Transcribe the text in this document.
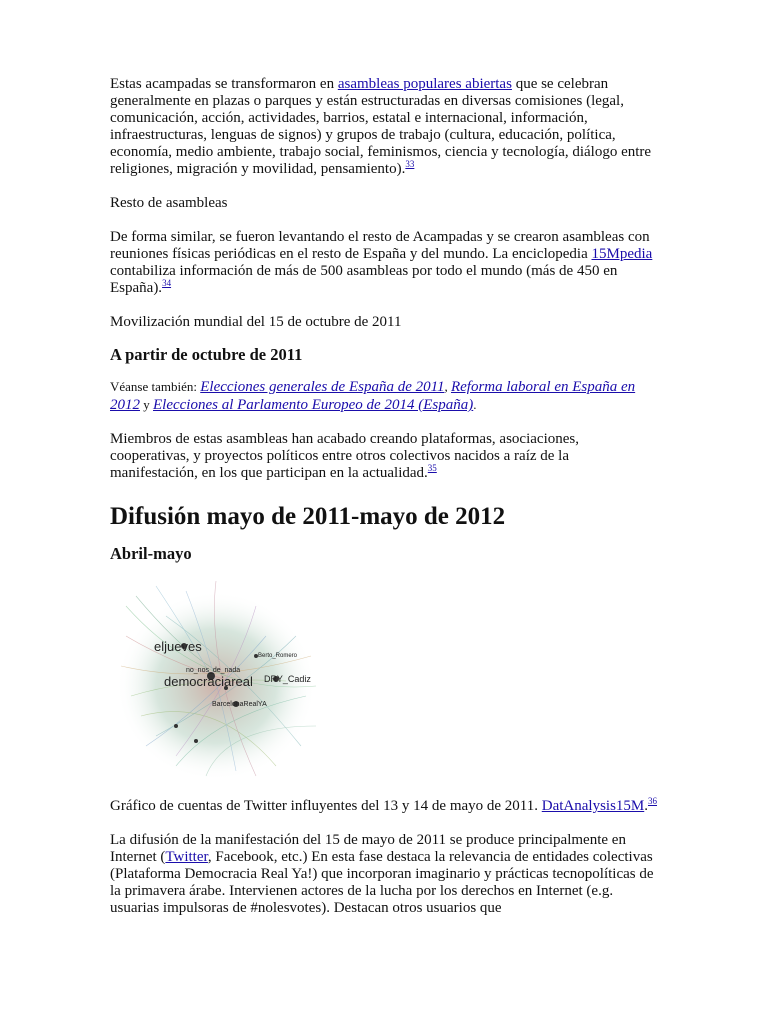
Estas acampadas se transformaron en asambleas populares abiertas que se celebran generalmente en plazas o parques y están estructuradas en diversas comisiones (legal, comunicación, acción, actividades, barrios, estatal e internacional, información, infraestructuras, lenguas de signos) y grupos de trabajo (cultura, educación, política, economía, medio ambiente, trabajo social, feminismos, ciencia y tecnología, diálogo entre religiones, migración y movilidad, pensamiento).$^{33}$

Resto de asambleas

De forma similar, se fueron levantando el resto de Acampadas y se crearon asambleas con reuniones físicas periódicas en el resto de España y del mundo. La enciclopedia 15Mpedia contabiliza información de más de 500 asambleas por todo el mundo (más de 450 en España).$^{34}$

Movilización mundial del 15 de octubre de 2011

A partir de octubre de 2011

Véanse también: Elecciones generales de España de 2011, Reforma laboral en España en 2012 y Elecciones al Parlamento Europeo de 2014 (España).

Miembros de estas asambleas han acabado creando plataformas, asociaciones, cooperativas, y proyectos políticos entre otros colectivos nacidos a raíz de la manifestación, en los que participan en la actualidad.$^{35}$

Difusión mayo de 2011-mayo de 2012
Abril-mayo
eljueves
Berto_Romero
no_nos_de_nada
democraciareal DRY_Cadiz
BarcelonaRealYA

Gráfico de cuentas de Twitter influyentes del 13 y 14 de mayo de 2011. DatAnalysis15M.$^{36}$

La difusión de la manifestación del 15 de mayo de 2011 se produce principalmente en Internet (Twitter, Facebook, etc.) En esta fase destaca la relevancia de entidades colectivas (Plataforma Democracia Real Ya!) que incorporan imaginario y prácticas tecnopolíticas de la primavera árabe. Intervienen actores de la lucha por los derechos en Internet (e.g. usuarias impulsoras de #nolesvotes). Destacan otros usuarios que
